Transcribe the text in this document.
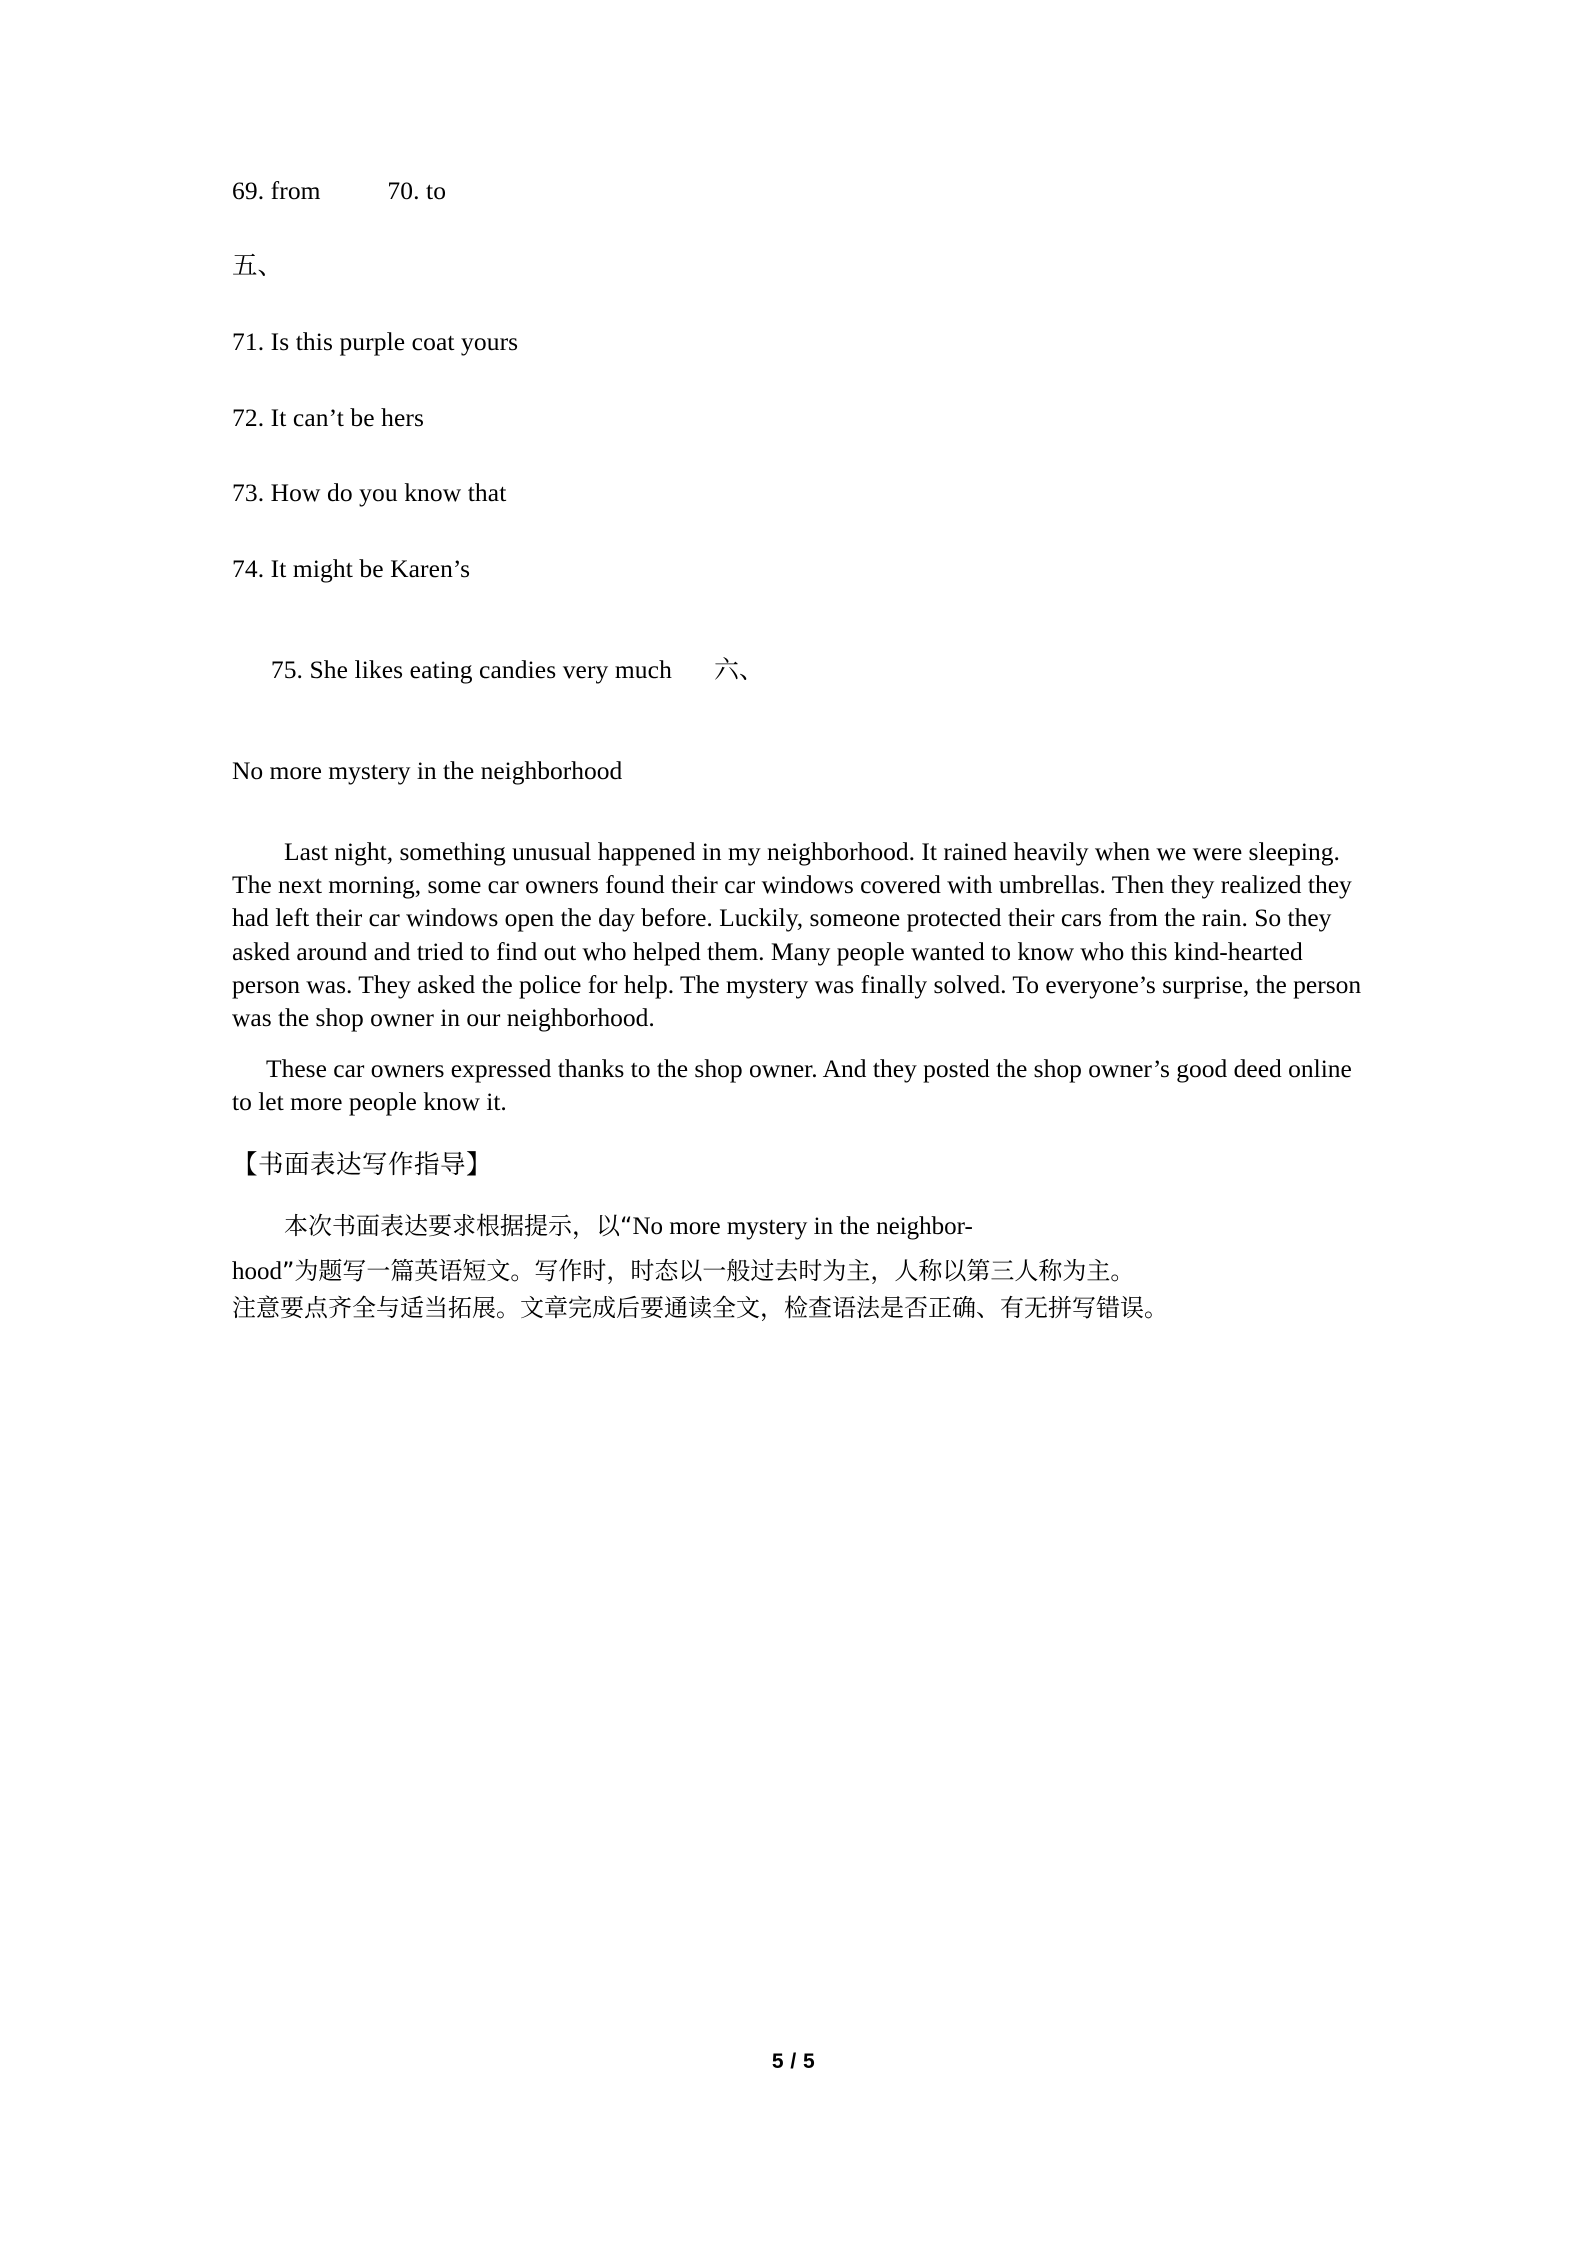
69. from		70. to
五、
71. Is this purple coat yours
72. It can’t be hers
73. How do you know that
74. It might be Karen’s

75. She likes eating candies very much 六、

No more mystery in the neighborhood

Last night, something unusual happened in my neighborhood. It rained heavily when we were sleeping. The next morning, some car owners found their car windows covered with umbrellas. Then they realized they had left their car windows open the day before. Luckily, someone protected their cars from the rain. So they asked around and tried to find out who helped them. Many people wanted to know who this kind-hearted person was. They asked the police for help. The mystery was finally solved. To everyone’s surprise, the person was the shop owner in our neighborhood.

These car owners expressed thanks to the shop owner. And they posted the shop owner’s good deed online to let more people know it.

【书面表达写作指导】

本次书面表达要求根据提示，以“No more mystery in the neighbor-

hood”为题写一篇英语短文。写作时，时态以一般过去时为主，人称以第三人称为主。

注意要点齐全与适当拓展。文章完成后要通读全文，检查语法是否正确、有无拼写错误。

5 / 5
